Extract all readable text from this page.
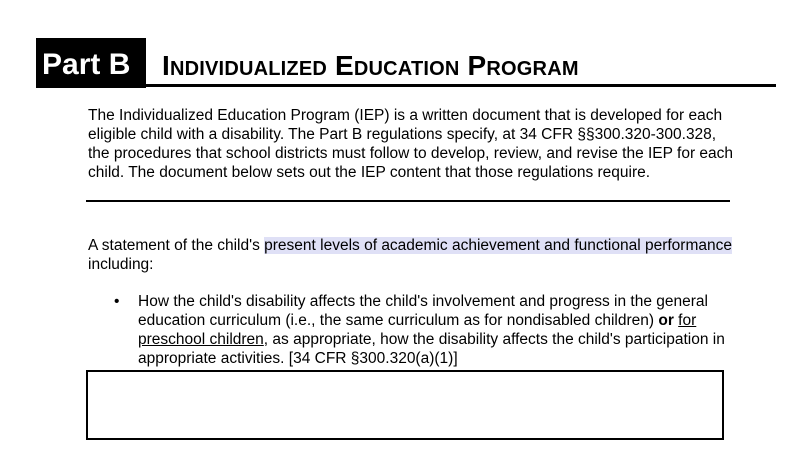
Part B Individualized Education Program
The Individualized Education Program (IEP) is a written document that is developed for each eligible child with a disability. The Part B regulations specify, at 34 CFR §§300.320-300.328, the procedures that school districts must follow to develop, review, and revise the IEP for each child. The document below sets out the IEP content that those regulations require.
A statement of the child's present levels of academic achievement and functional performance including:
• How the child's disability affects the child's involvement and progress in the general education curriculum (i.e., the same curriculum as for nondisabled children) or for preschool children, as appropriate, how the disability affects the child's participation in appropriate activities. [34 CFR §300.320(a)(1)]
